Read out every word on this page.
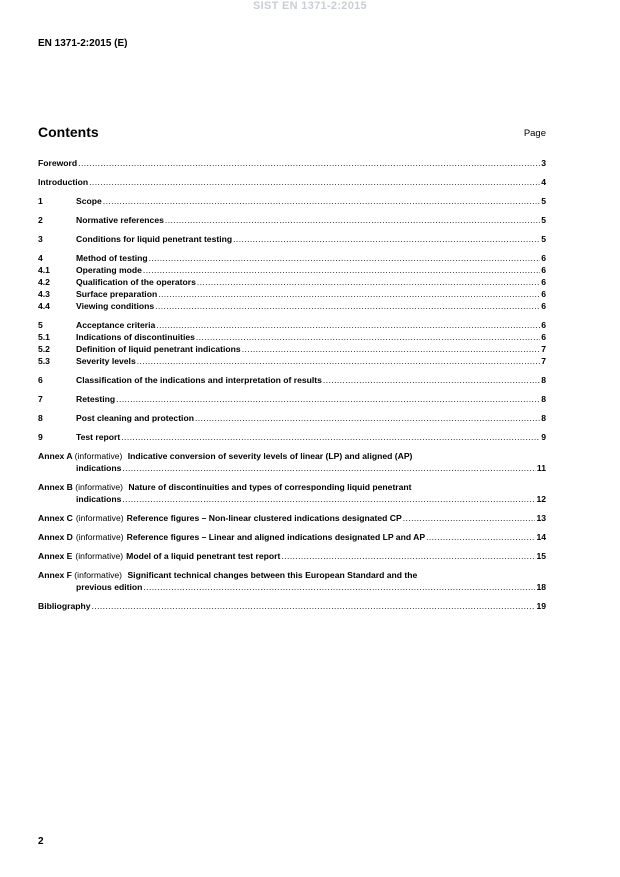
SIST EN 1371-2:2015
EN 1371-2:2015 (E)
Contents	Page
Foreword .....	3
Introduction .....	4
1	Scope .....	5
2	Normative references .....	5
3	Conditions for liquid penetrant testing .....	5
4	Method of testing .....	6
4.1	Operating mode .....	6
4.2	Qualification of the operators .....	6
4.3	Surface preparation .....	6
4.4	Viewing conditions .....	6
5	Acceptance criteria .....	6
5.1	Indications of discontinuities .....	6
5.2	Definition of liquid penetrant indications .....	7
5.3	Severity levels .....	7
6	Classification of the indications and interpretation of results .....	8
7	Retesting .....	8
8	Post cleaning and protection .....	8
9	Test report .....	9
Annex A (informative) Indicative conversion of severity levels of linear (LP) and aligned (AP)
indications .....	11
Annex B (informative) Nature of discontinuities and types of corresponding liquid penetrant
indications .....	12
Annex C (informative) Reference figures – Non-linear clustered indications designated CP .....	13
Annex D (informative) Reference figures – Linear and aligned indications designated LP and AP .....	14
Annex E (informative) Model of a liquid penetrant test report .....	15
Annex F (informative) Significant technical changes between this European Standard and the
previous edition .....	18
Bibliography .....	19
2
